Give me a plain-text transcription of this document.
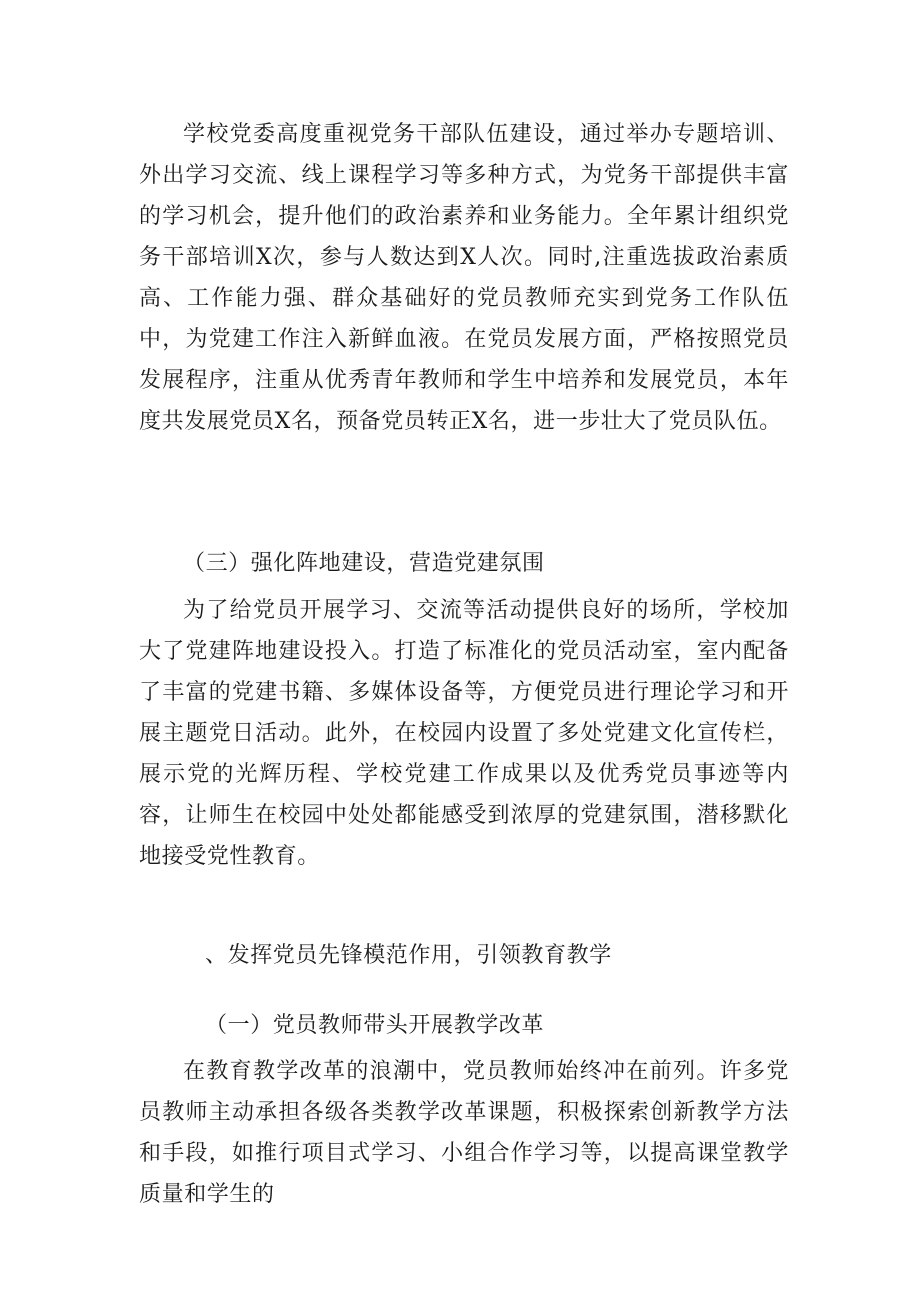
学校党委高度重视党务干部队伍建设，通过举办专题培训、外出学习交流、线上课程学习等多种方式，为党务干部提供丰富的学习机会，提升他们的政治素养和业务能力。全年累计组织党务干部培训X次，参与人数达到X人次。同时,注重选拔政治素质高、工作能力强、群众基础好的党员教师充实到党务工作队伍中，为党建工作注入新鲜血液。在党员发展方面，严格按照党员发展程序，注重从优秀青年教师和学生中培养和发展党员，本年度共发展党员X名，预备党员转正X名，进一步壮大了党员队伍。

（三）强化阵地建设，营造党建氛围

为了给党员开展学习、交流等活动提供良好的场所，学校加大了党建阵地建设投入。打造了标准化的党员活动室，室内配备了丰富的党建书籍、多媒体设备等，方便党员进行理论学习和开展主题党日活动。此外，在校园内设置了多处党建文化宣传栏，展示党的光辉历程、学校党建工作成果以及优秀党员事迹等内容，让师生在校园中处处都能感受到浓厚的党建氛围，潜移默化地接受党性教育。

、发挥党员先锋模范作用，引领教育教学

（一）党员教师带头开展教学改革

在教育教学改革的浪潮中，党员教师始终冲在前列。许多党员教师主动承担各级各类教学改革课题，积极探索创新教学方法和手段，如推行项目式学习、小组合作学习等，以提高课堂教学质量和学生的
